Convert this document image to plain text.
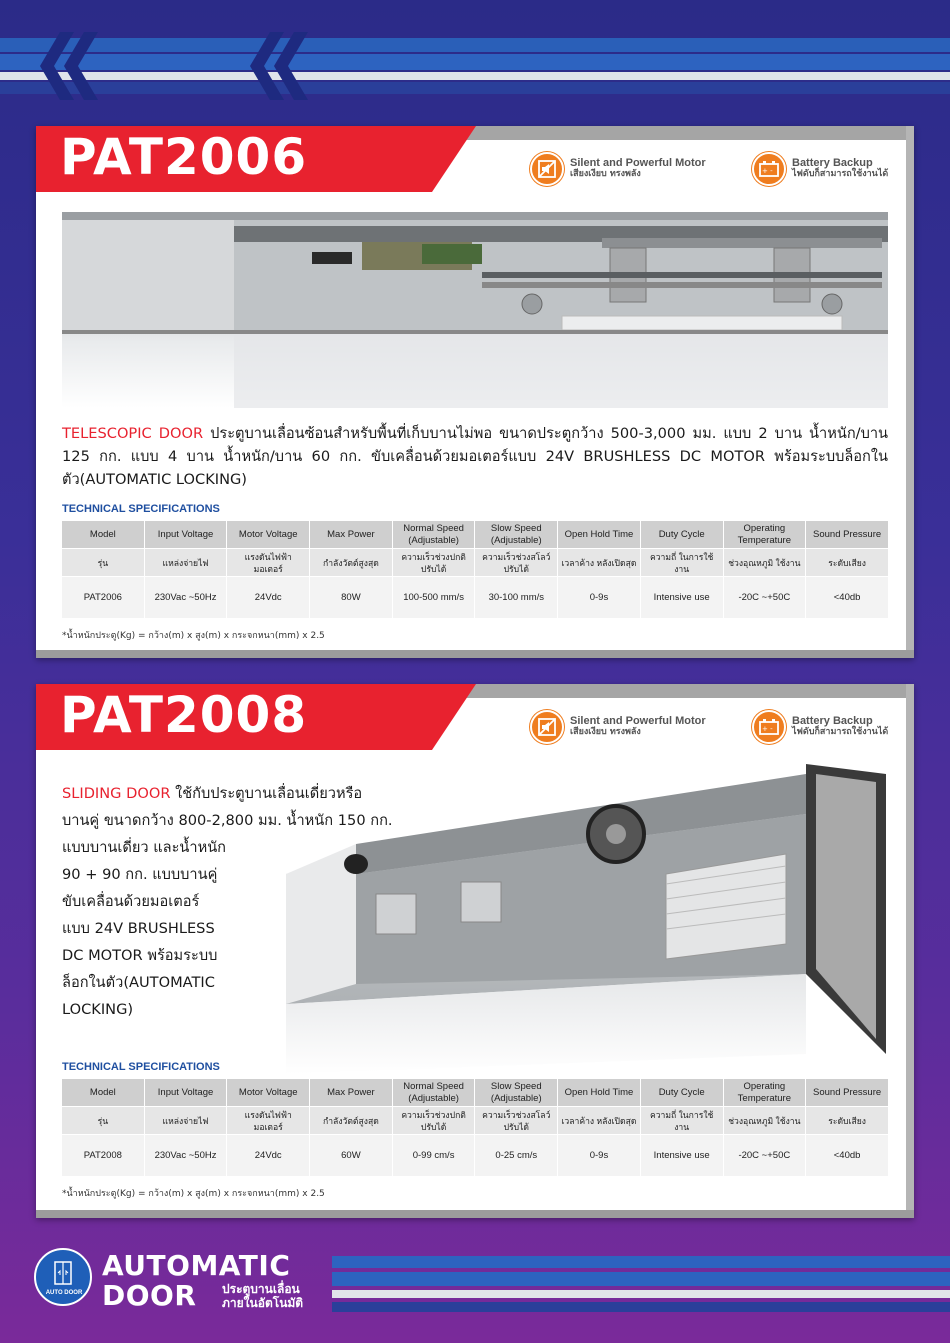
PAT2006	Silent and Powerful Motor
เสียงเงียบ ทรงพลัง	+ -
Battery Backup
ไฟดับก็สามารถใช้งานได้

TELESCOPIC DOOR ประตูบานเลื่อนซ้อนสำหรับพื้นที่เก็บบานไม่พอ ขนาดประตูกว้าง 500-3,000 มม. แบบ 2 บาน น้ำหนัก/บาน 125 กก. แบบ 4 บาน น้ำหนัก/บาน 60 กก. ขับเคลื่อนด้วยมอเตอร์แบบ 24V BRUSHLESS DC MOTOR พร้อมระบบล็อกในตัว(AUTOMATIC LOCKING)

TECHNICAL SPECIFICATIONS
Model	Input Voltage	Motor Voltage	Max Power	Normal Speed (Adjustable)	Slow Speed (Adjustable)	Open Hold Time	Duty Cycle	Operating Temperature	Sound Pressure
รุ่น	แหล่งจ่ายไฟ	แรงดันไฟฟ้า มอเตอร์	กำลังวัตต์สูงสุด	ความเร็วช่วงปกติ ปรับได้	ความเร็วช่วงสโลว์ ปรับได้	เวลาค้าง หลังเปิดสุด	ความถี่ ในการใช้งาน	ช่วงอุณหภูมิ ใช้งาน	ระดับเสียง
PAT2006	230Vac ~50Hz	24Vdc	80W	100-500 mm/s	30-100 mm/s	0-9s	Intensive use	-20C ~+50C	<40db
*น้ำหนักประตู(Kg) = กว้าง(m) x สูง(m) x กระจกหนา(mm) x 2.5
PAT2008	Silent and Powerful Motor
เสียงเงียบ ทรงพลัง	+ -
Battery Backup
ไฟดับก็สามารถใช้งานได้
SLIDING DOOR ใช้กับประตูบานเลื่อนเดี่ยวหรือ
บานคู่ ขนาดกว้าง 800-2,800 มม. น้ำหนัก 150 กก.
แบบบานเดี่ยว และน้ำหนัก
90 + 90 กก. แบบบานคู่
ขับเคลื่อนด้วยมอเตอร์
แบบ 24V BRUSHLESS
DC MOTOR พร้อมระบบ
ล็อกในตัว(AUTOMATIC
LOCKING)
TECHNICAL SPECIFICATIONS
Model	Input Voltage	Motor Voltage	Max Power	Normal Speed (Adjustable)	Slow Speed (Adjustable)	Open Hold Time	Duty Cycle	Operating Temperature	Sound Pressure
รุ่น	แหล่งจ่ายไฟ	แรงดันไฟฟ้า มอเตอร์	กำลังวัตต์สูงสุด	ความเร็วช่วงปกติ ปรับได้	ความเร็วช่วงสโลว์ ปรับได้	เวลาค้าง หลังเปิดสุด	ความถี่ ในการใช้งาน	ช่วงอุณหภูมิ ใช้งาน	ระดับเสียง
PAT2008	230Vac ~50Hz	24Vdc	60W	0-99 cm/s	0-25 cm/s	0-9s	Intensive use	-20C ~+50C	<40db
*น้ำหนักประตู(Kg) = กว้าง(m) x สูง(m) x กระจกหนา(mm) x 2.5
AUTO DOOR
AUTOMATIC
DOOR ประตูบานเลื่อน
ภายในอัตโนมัติ
